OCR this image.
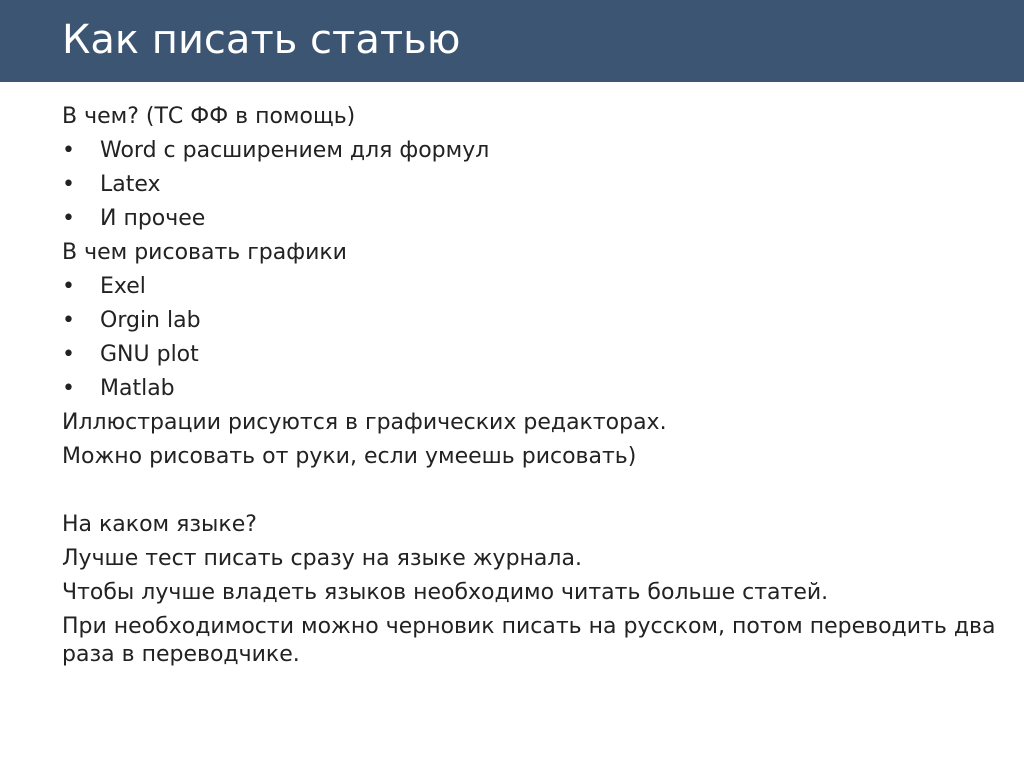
Как писать статью
В чем? (ТС ФФ в помощь)
• Word с расширением для формул
• Latex
• И прочее
В чем рисовать графики
• Exel
• Orgin lab
• GNU plot
• Matlab
Иллюстрации рисуются в графических редакторах.
Можно рисовать от руки, если умеешь рисовать)
На каком языке?
Лучше тест писать сразу на языке журнала.
Чтобы лучше владеть языков необходимо читать больше статей.
При необходимости можно черновик писать на русском, потом переводить два раза в переводчике.
